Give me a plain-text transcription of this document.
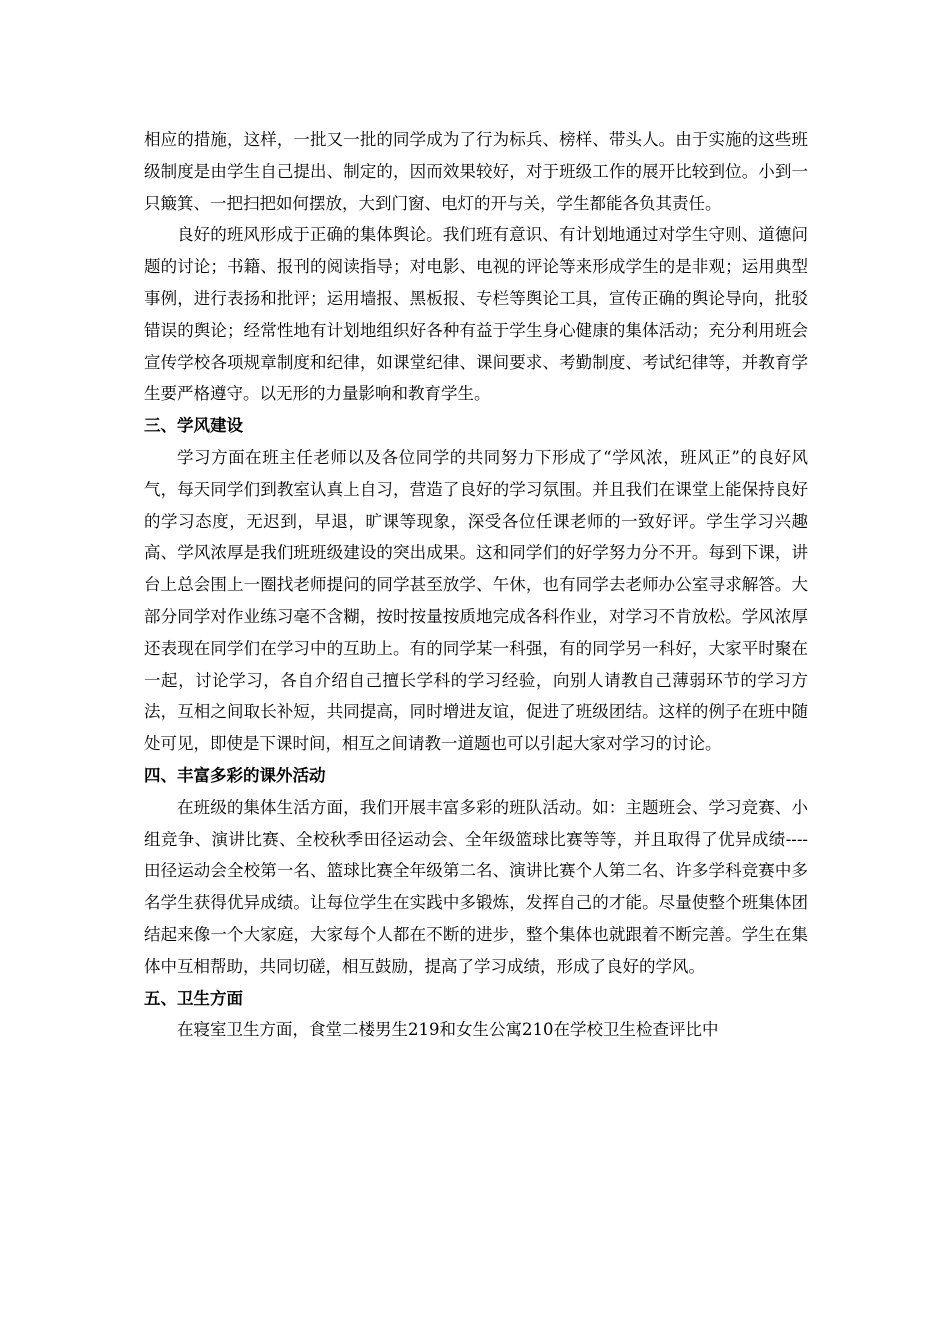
相应的措施，这样，一批又一批的同学成为了行为标兵、榜样、带头人。由于实施的这些班级制度是由学生自己提出、制定的，因而效果较好，对于班级工作的展开比较到位。小到一只簸箕、一把扫把如何摆放，大到门窗、电灯的开与关，学生都能各负其责任。

良好的班风形成于正确的集体舆论。我们班有意识、有计划地通过对学生守则、道德问题的讨论；书籍、报刊的阅读指导；对电影、电视的评论等来形成学生的是非观；运用典型事例，进行表扬和批评；运用墙报、黑板报、专栏等舆论工具，宣传正确的舆论导向，批驳错误的舆论；经常性地有计划地组织好各种有益于学生身心健康的集体活动；充分利用班会宣传学校各项规章制度和纪律，如课堂纪律、课间要求、考勤制度、考试纪律等，并教育学生要严格遵守。以无形的力量影响和教育学生。

三、学风建设

学习方面在班主任老师以及各位同学的共同努力下形成了“学风浓，班风正”的良好风气，每天同学们到教室认真上自习，营造了良好的学习氛围。并且我们在课堂上能保持良好的学习态度，无迟到，早退，旷课等现象，深受各位任课老师的一致好评。学生学习兴趣高、学风浓厚是我们班班级建设的突出成果。这和同学们的好学努力分不开。每到下课，讲台上总会围上一圈找老师提问的同学甚至放学、午休，也有同学去老师办公室寻求解答。大部分同学对作业练习毫不含糊，按时按量按质地完成各科作业，对学习不肯放松。学风浓厚还表现在同学们在学习中的互助上。有的同学某一科强，有的同学另一科好，大家平时聚在一起，讨论学习，各自介绍自己擅长学科的学习经验，向别人请教自己薄弱环节的学习方法，互相之间取长补短，共同提高，同时增进友谊，促进了班级团结。这样的例子在班中随处可见，即使是下课时间，相互之间请教一道题也可以引起大家对学习的讨论。

四、丰富多彩的课外活动

在班级的集体生活方面，我们开展丰富多彩的班队活动。如：主题班会、学习竞赛、小组竞争、演讲比赛、全校秋季田径运动会、全年级篮球比赛等等，并且取得了优异成绩----田径运动会全校第一名、篮球比赛全年级第二名、演讲比赛个人第二名、许多学科竞赛中多名学生获得优异成绩。让每位学生在实践中多锻炼，发挥自己的才能。尽量使整个班集体团结起来像一个大家庭，大家每个人都在不断的进步，整个集体也就跟着不断完善。学生在集体中互相帮助，共同切磋，相互鼓励，提高了学习成绩，形成了良好的学风。

五、卫生方面

在寝室卫生方面，食堂二楼男生219和女生公寓210在学校卫生检查评比中
